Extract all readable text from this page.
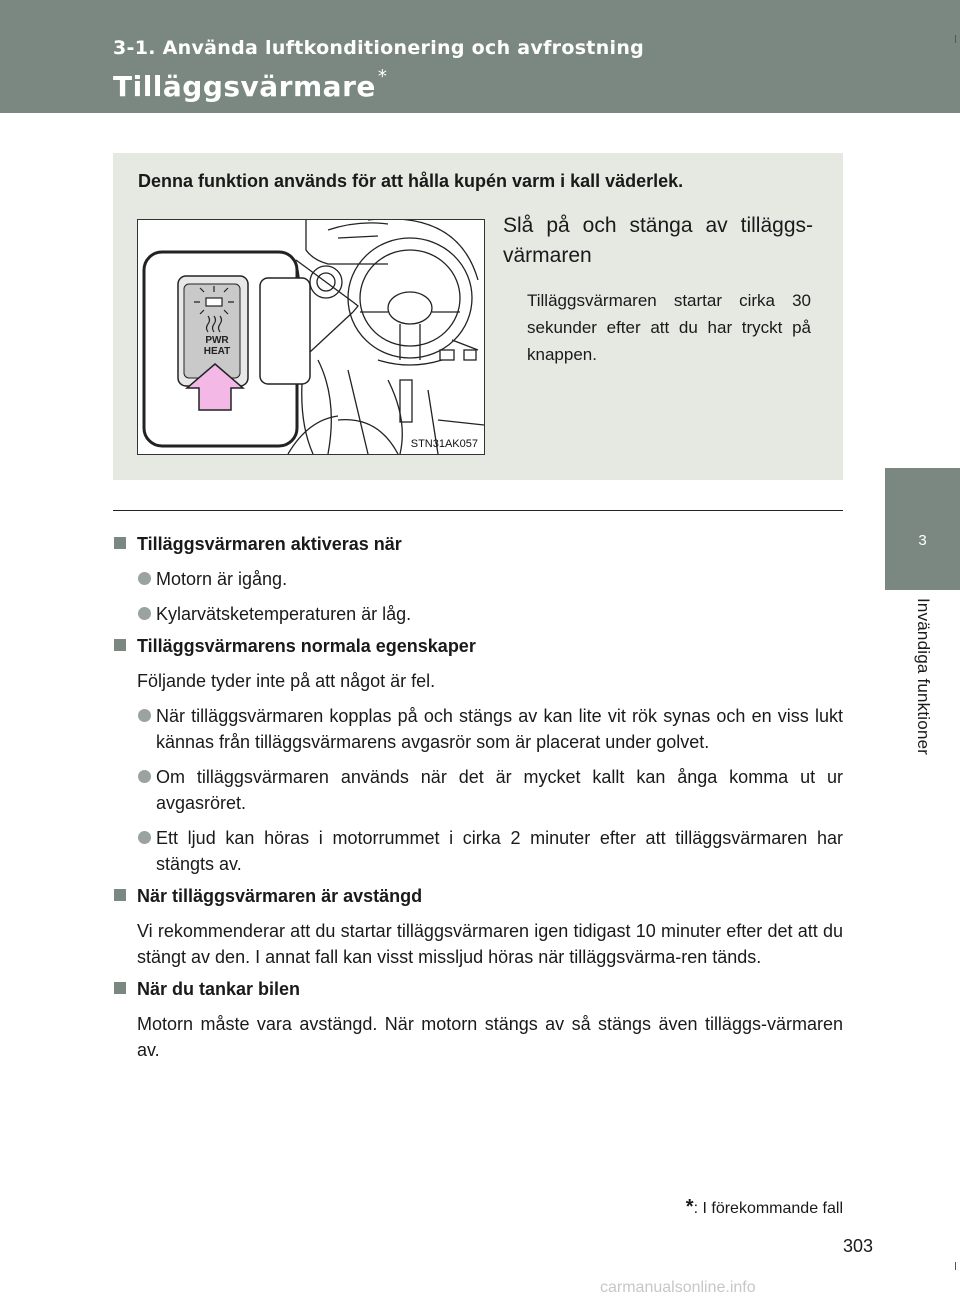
3-1. Använda luftkonditionering och avfrostning
Tilläggsvärmare *
3
Invändiga funktioner
Denna funktion används för att hålla kupén varm i kall väderlek.
PWR
HEAT
STN31AK057
Slå på och stänga av tilläggs-värmaren
Tilläggsvärmaren startar cirka 30 sekunder efter att du har tryckt på knappen.
Tilläggsvärmaren aktiveras när
Motorn är igång.
Kylarvätsketemperaturen är låg.
Tilläggsvärmarens normala egenskaper
Följande tyder inte på att något är fel.
När tilläggsvärmaren kopplas på och stängs av kan lite vit rök synas och en viss lukt kännas från tilläggsvärmarens avgasrör som är placerat under golvet.
Om tilläggsvärmaren används när det är mycket kallt kan ånga komma ut ur avgasröret.
Ett ljud kan höras i motorrummet i cirka 2 minuter efter att tilläggsvärmaren har stängts av.
När tilläggsvärmaren är avstängd
Vi rekommenderar att du startar tilläggsvärmaren igen tidigast 10 minuter efter det att du stängt av den. I annat fall kan visst missljud höras när tilläggsvärma-ren tänds.
När du tankar bilen
Motorn måste vara avstängd. När motorn stängs av så stängs även tilläggs-värmaren av.
*: I förekommande fall
303
carmanualsonline.info
